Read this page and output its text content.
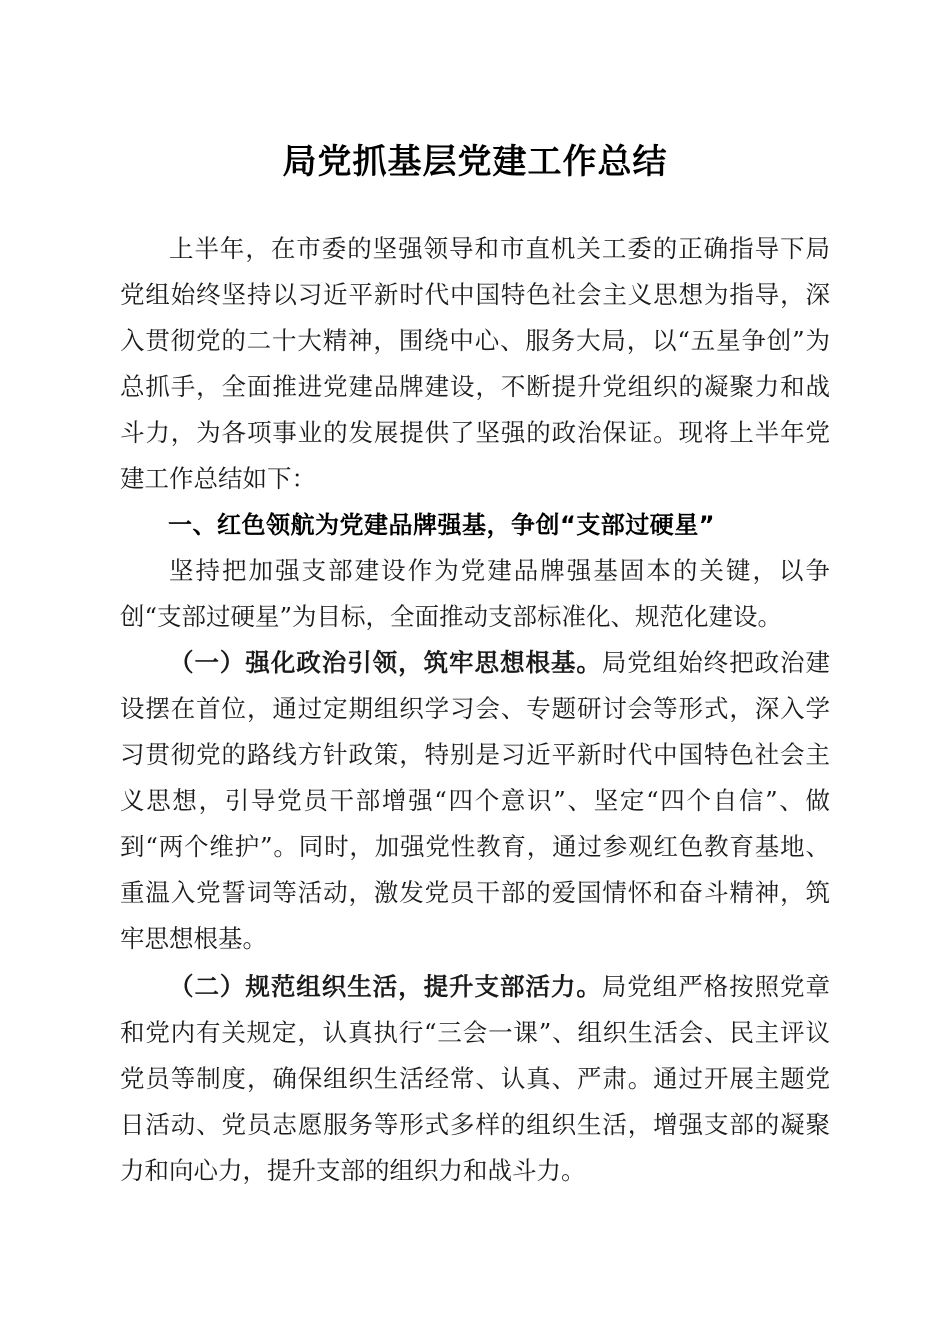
局党抓基层党建工作总结

上半年，在市委的坚强领导和市直机关工委的正确指导下局党组始终坚持以习近平新时代中国特色社会主义思想为指导，深入贯彻党的二十大精神，围绕中心、服务大局，以“五星争创”为总抓手，全面推进党建品牌建设，不断提升党组织的凝聚力和战斗力，为各项事业的发展提供了坚强的政治保证。现将上半年党建工作总结如下：

一、红色领航为党建品牌强基，争创“支部过硬星”

坚持把加强支部建设作为党建品牌强基固本的关键，以争创“支部过硬星”为目标，全面推动支部标准化、规范化建设。

（一）强化政治引领，筑牢思想根基。局党组始终把政治建设摆在首位，通过定期组织学习会、专题研讨会等形式，深入学习贯彻党的路线方针政策，特别是习近平新时代中国特色社会主义思想，引导党员干部增强“四个意识”、坚定“四个自信”、做到“两个维护”。同时，加强党性教育，通过参观红色教育基地、重温入党誓词等活动，激发党员干部的爱国情怀和奋斗精神，筑牢思想根基。

（二）规范组织生活，提升支部活力。局党组严格按照党章和党内有关规定，认真执行“三会一课”、组织生活会、民主评议党员等制度，确保组织生活经常、认真、严肃。通过开展主题党日活动、党员志愿服务等形式多样的组织生活，增强支部的凝聚力和向心力，提升支部的组织力和战斗力。
